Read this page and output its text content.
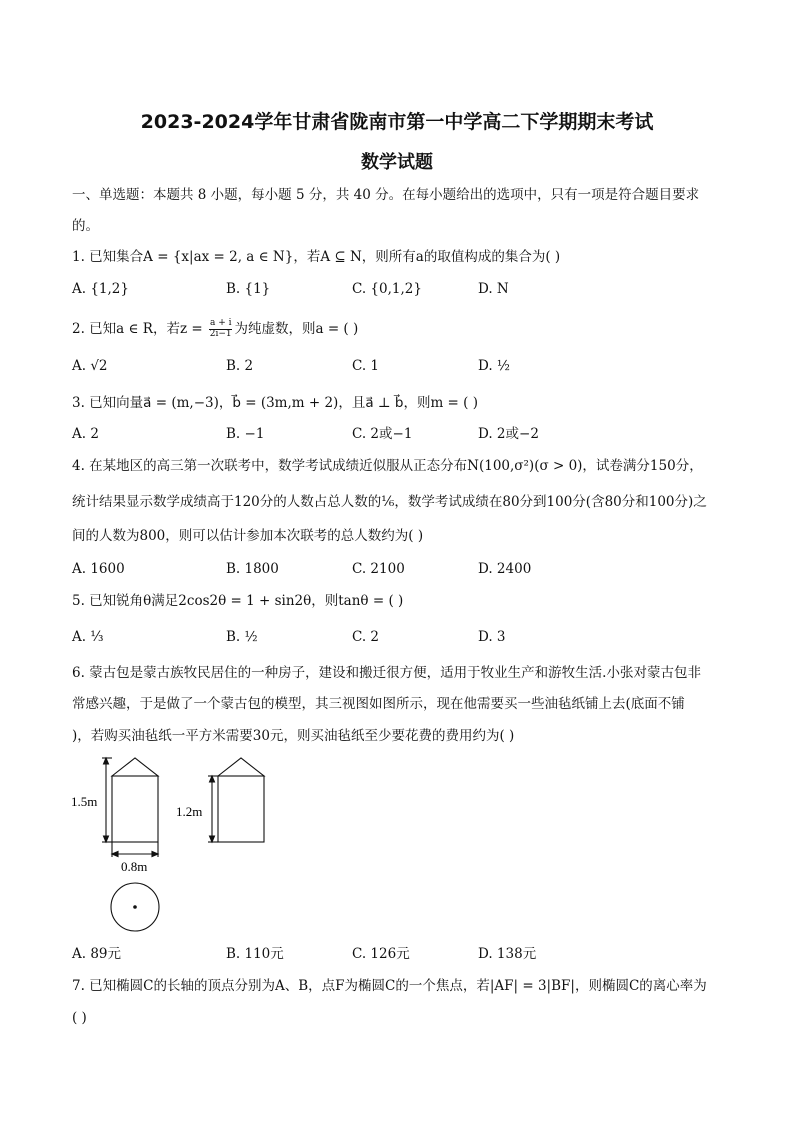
2023-2024学年甘肃省陇南市第一中学高二下学期期末考试
数学试题
一、单选题：本题共 8 小题，每小题 5 分，共 40 分。在每小题给出的选项中，只有一项是符合题目要求
的。
1. 已知集合A = {x|ax = 2, a ∈ N}，若A ⊆ N，则所有a的取值构成的集合为( )
A. {1,2}	B. {1}	C. {0,1,2}	D. N
2. 已知a ∈ R，若$z = \frac{a + i}{2i-1}$ 为纯虚数，则a = ( )
A. √2	B. 2	C. 1	D. ½
3. 已知向量a⃗ = (m,−3)，b⃗ = (3m,m + 2)，且a⃗ ⊥ b⃗，则m = ( )
A. 2	B. −1	C. 2或−1	D. 2或−2
4. 在某地区的高三第一次联考中，数学考试成绩近似服从正态分布N(100,σ²)(σ > 0)，试卷满分150分，
统计结果显示数学成绩高于120分的人数占总人数的⅙，数学考试成绩在80分到100分(含80分和100分)之
间的人数为800，则可以估计参加本次联考的总人数约为( )
A. 1600	B. 1800	C. 2100	D. 2400
5. 已知锐角θ满足2cos2θ = 1 + sin2θ，则tanθ = ( )
A. ⅓	B. ½	C. 2	D. 3
6. 蒙古包是蒙古族牧民居住的一种房子，建设和搬迁很方便，适用于牧业生产和游牧生活.小张对蒙古包非
常感兴趣，于是做了一个蒙古包的模型，其三视图如图所示，现在他需要买一些油毡纸铺上去(底面不铺
)，若购买油毡纸一平方米需要30元，则买油毡纸至少要花费的费用约为( )
1.5m
1.2m
0.8m
A. 89元	B. 110元	C. 126元	D. 138元
7. 已知椭圆C的长轴的顶点分别为A、B，点F为椭圆C的一个焦点，若|AF| = 3|BF|，则椭圆C的离心率为
( )
